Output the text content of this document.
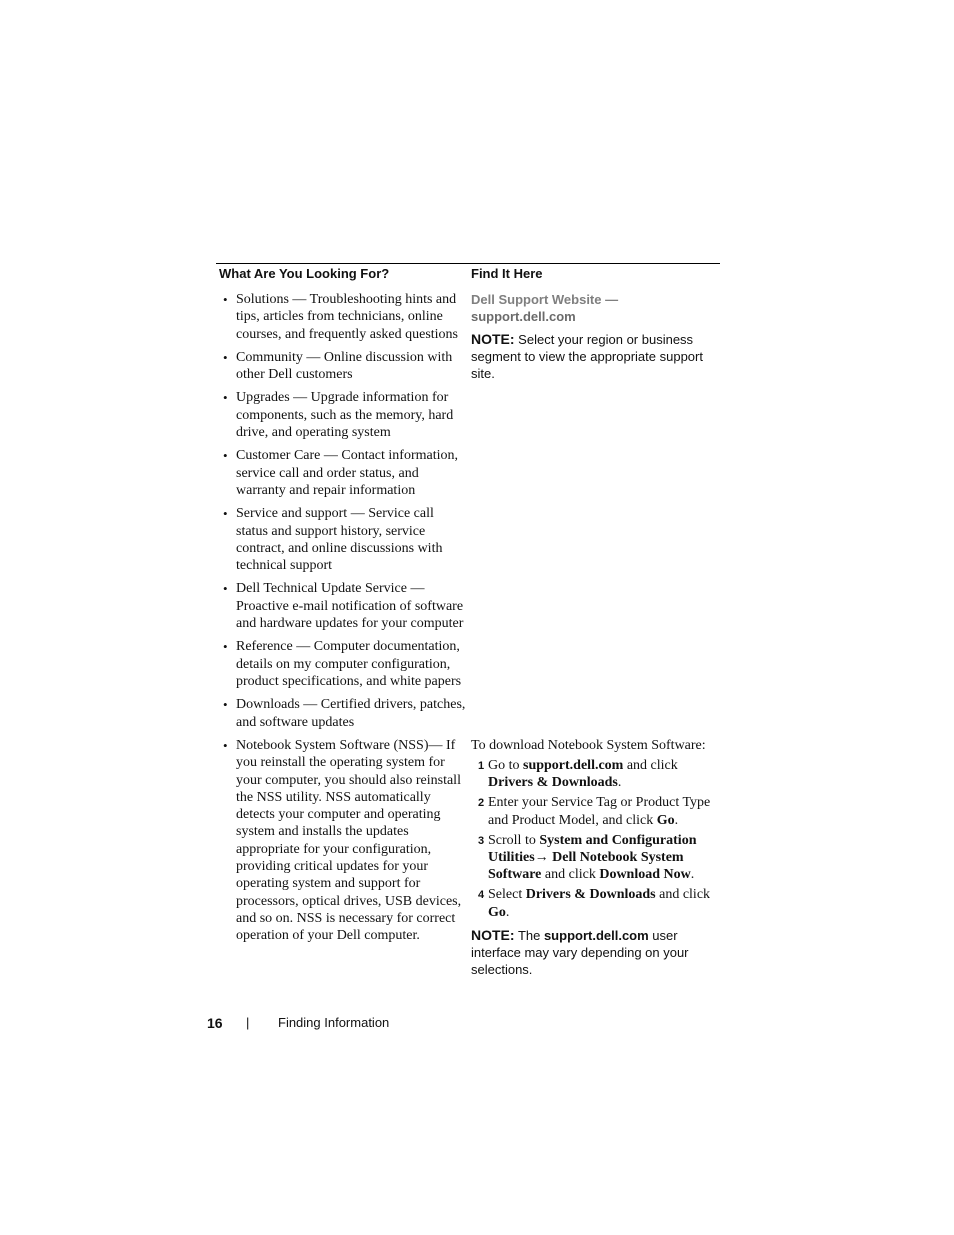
What Are You Looking For?	Find It Here
• Solutions — Troubleshooting hints and tips, articles from technicians, online courses, and frequently asked questions
• Community — Online discussion with other Dell customers
• Upgrades — Upgrade information for components, such as the memory, hard drive, and operating system
• Customer Care — Contact information, service call and order status, and warranty and repair information
• Service and support — Service call status and support history, service contract, and online discussions with technical support
• Dell Technical Update Service — Proactive e-mail notification of software and hardware updates for your computer
• Reference — Computer documentation, details on my computer configuration, product specifications, and white papers
• Downloads — Certified drivers, patches, and software updates
Dell Support Website — support.dell.com
NOTE: Select your region or business segment to view the appropriate support site.
• Notebook System Software (NSS)— If you reinstall the operating system for your computer, you should also reinstall the NSS utility. NSS automatically detects your computer and operating system and installs the updates appropriate for your configuration, providing critical updates for your operating system and support for processors, optical drives, USB devices, and so on. NSS is necessary for correct operation of your Dell computer.
To download Notebook System Software:
1 Go to support.dell.com and click Drivers & Downloads.
2 Enter your Service Tag or Product Type and Product Model, and click Go.
3 Scroll to System and Configuration Utilities→ Dell Notebook System Software and click Download Now.
4 Select Drivers & Downloads and click Go.
NOTE: The support.dell.com user interface may vary depending on your selections.
16 | Finding Information
